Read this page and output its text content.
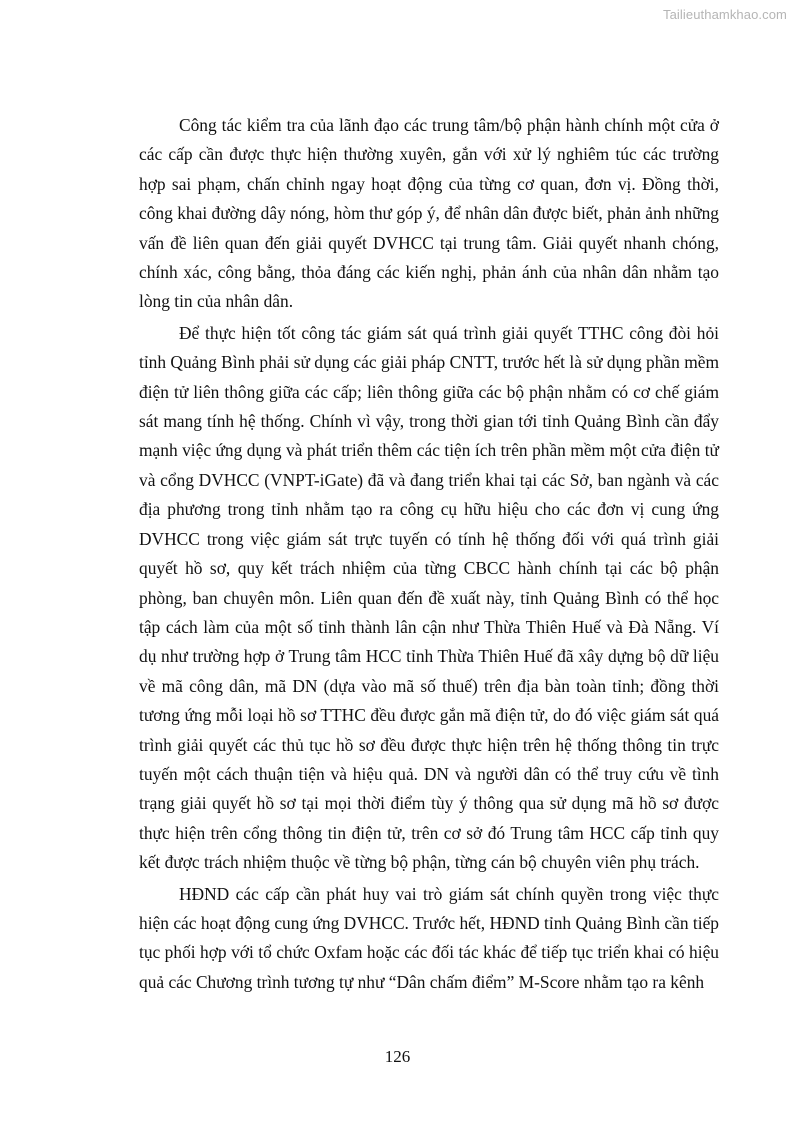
Tailieuthamkhao.com

Công tác kiểm tra của lãnh đạo các trung tâm/bộ phận hành chính một cửa ở các cấp cần được thực hiện thường xuyên, gắn với xử lý nghiêm túc các trường hợp sai phạm, chấn chỉnh ngay hoạt động của từng cơ quan, đơn vị. Đồng thời, công khai đường dây nóng, hòm thư góp ý, để nhân dân được biết, phản ảnh những vấn đề liên quan đến giải quyết DVHCC tại trung tâm. Giải quyết nhanh chóng, chính xác, công bằng, thỏa đáng các kiến nghị, phản ánh của nhân dân nhằm tạo lòng tin của nhân dân.

Để thực hiện tốt công tác giám sát quá trình giải quyết TTHC công đòi hỏi tỉnh Quảng Bình phải sử dụng các giải pháp CNTT, trước hết là sử dụng phần mềm điện tử liên thông giữa các cấp; liên thông giữa các bộ phận nhằm có cơ chế giám sát mang tính hệ thống. Chính vì vậy, trong thời gian tới tỉnh Quảng Bình cần đẩy mạnh việc ứng dụng và phát triển thêm các tiện ích trên phần mềm một cửa điện tử và cổng DVHCC (VNPT-iGate) đã và đang triển khai tại các Sở, ban ngành và các địa phương trong tỉnh nhằm tạo ra công cụ hữu hiệu cho các đơn vị cung ứng DVHCC trong việc giám sát trực tuyến có tính hệ thống đối với quá trình giải quyết hồ sơ, quy kết trách nhiệm của từng CBCC hành chính tại các bộ phận phòng, ban chuyên môn. Liên quan đến đề xuất này, tỉnh Quảng Bình có thể học tập cách làm của một số tỉnh thành lân cận như Thừa Thiên Huế và Đà Nẵng. Ví dụ như trường hợp ở Trung tâm HCC tỉnh Thừa Thiên Huế đã xây dựng bộ dữ liệu về mã công dân, mã DN (dựa vào mã số thuế) trên địa bàn toàn tỉnh; đồng thời tương ứng mỗi loại hồ sơ TTHC đều được gắn mã điện tử, do đó việc giám sát quá trình giải quyết các thủ tục hồ sơ đều được thực hiện trên hệ thống thông tin trực tuyến một cách thuận tiện và hiệu quả. DN và người dân có thể truy cứu về tình trạng giải quyết hồ sơ tại mọi thời điểm tùy ý thông qua sử dụng mã hồ sơ được thực hiện trên cổng thông tin điện tử, trên cơ sở đó Trung tâm HCC cấp tỉnh quy kết được trách nhiệm thuộc về từng bộ phận, từng cán bộ chuyên viên phụ trách.

HĐND các cấp cần phát huy vai trò giám sát chính quyền trong việc thực hiện các hoạt động cung ứng DVHCC. Trước hết, HĐND tỉnh Quảng Bình cần tiếp tục phối hợp với tổ chức Oxfam hoặc các đối tác khác để tiếp tục triển khai có hiệu quả các Chương trình tương tự như “Dân chấm điểm” M-Score nhằm tạo ra kênh

126
